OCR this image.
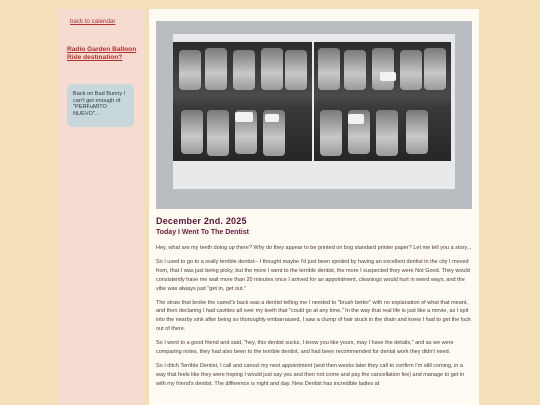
back to calendar
Radio Garden Balloon Ride destination?
Back on Bad Bunny I can't get enough of "PERFuMITO NUEVO"...
December 2nd. 2025
Today I Went To The Dentist

Hey, what are my teeth doing up there? Why do they appear to be printed on bog standard printer paper? Let me tell you a story...

So I used to go to a really terrible dentist-- I thought maybe I'd just been spoiled by having an excellent dentist in the city I moved from, that I was just being picky, but the more I went to the terrible dentist, the more I suspected they were Not Good. They would consistently have me wait more than 20 minutes once I arrived for an appointment, cleanings would hurt in weird ways, and the vibe was always just "get in, get out."

The straw that broke the camel's back was a dentist telling me I needed to "brush better" with no explanation of what that meant, and then declaring I had cavities all over my teeth that "could go at any time." In the way that real life is just like a movie, as I spit into the nearby sink after being so thoroughly embarrassed, I saw a clump of hair stuck in the drain and knew I had to get the fuck out of there.

So I went to a good friend and said, "hey, this dentist sucks, I know you like yours, may I have the details," and as we were comparing notes, they had also been to the terrible dentist, and had been recommended for dental work they didn't need.

So I ditch Terrible Dentist, I call and cancel my next appointment (and then weeks later they call to confirm I'm still coming, in a way that feels like they were hoping I would just say yes and then not come and pay the cancellation fee) and manage to get in with my friend's dentist. The difference is night and day. New Dentist has incredible ladies at
